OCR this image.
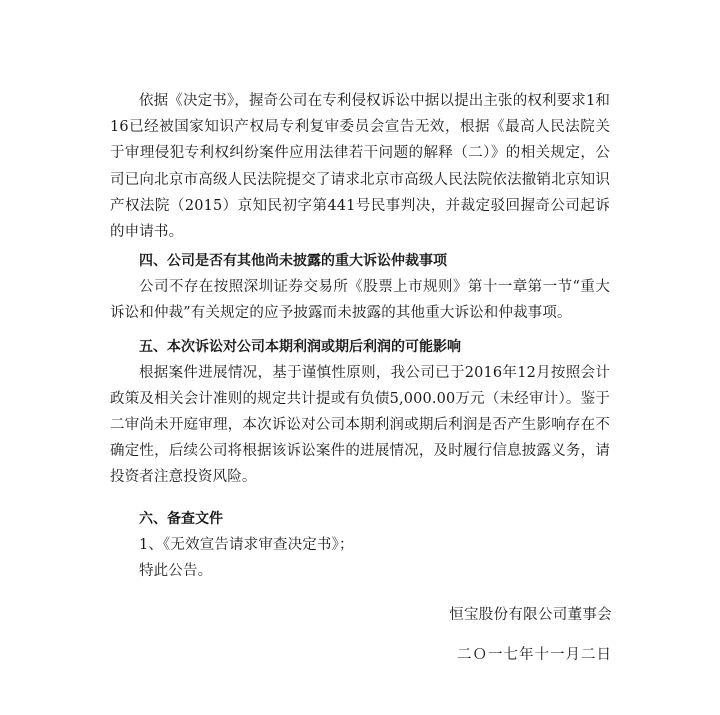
依据《决定书》，握奇公司在专利侵权诉讼中据以提出主张的权利要求1和16已经被国家知识产权局专利复审委员会宣告无效，根据《最高人民法院关于审理侵犯专利权纠纷案件应用法律若干问题的解释（二）》的相关规定，公司已向北京市高级人民法院提交了请求北京市高级人民法院依法撤销北京知识产权法院（2015）京知民初字第441号民事判决，并裁定驳回握奇公司起诉的申请书。

四、公司是否有其他尚未披露的重大诉讼仲裁事项

公司不存在按照深圳证券交易所《股票上市规则》第十一章第一节“重大诉讼和仲裁”有关规定的应予披露而未披露的其他重大诉讼和仲裁事项。

五、本次诉讼对公司本期利润或期后利润的可能影响

根据案件进展情况，基于谨慎性原则，我公司已于2016年12月按照会计政策及相关会计准则的规定共计提或有负债5,000.00万元（未经审计）。鉴于二审尚未开庭审理，本次诉讼对公司本期利润或期后利润是否产生影响存在不确定性，后续公司将根据该诉讼案件的进展情况，及时履行信息披露义务，请投资者注意投资风险。

六、备查文件

1、《无效宣告请求审查决定书》；

特此公告。

恒宝股份有限公司董事会
二Ｏ一七年十一月二日
